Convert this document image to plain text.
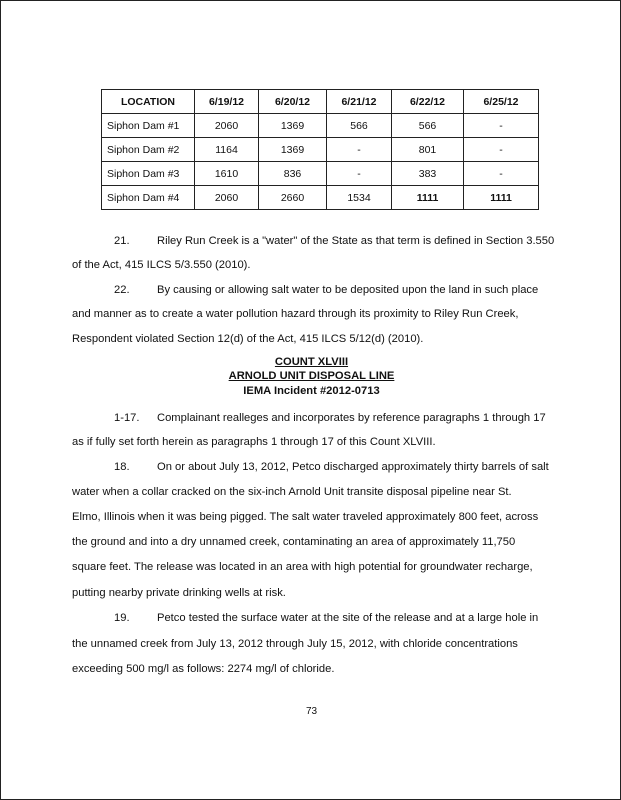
LOCATION	6/19/12	6/20/12	6/21/12	6/22/12	6/25/12
Siphon Dam #1	2060	1369	566	566	-
Siphon Dam #2	1164	1369	-	801	-
Siphon Dam #3	1610	836	-	383	-
Siphon Dam #4	2060	2660	1534	1111	1111
21. Riley Run Creek is a "water" of the State as that term is defined in Section 3.550
of the Act, 415 ILCS 5/3.550 (2010).
22. By causing or allowing salt water to be deposited upon the land in such place
and manner as to create a water pollution hazard through its proximity to Riley Run Creek,
Respondent violated Section 12(d) of the Act, 415 ILCS 5/12(d) (2010).
COUNT XLVIII
ARNOLD UNIT DISPOSAL LINE
IEMA Incident #2012-0713
1-17. Complainant realleges and incorporates by reference paragraphs 1 through 17
as if fully set forth herein as paragraphs 1 through 17 of this Count XLVIII.
18. On or about July 13, 2012, Petco discharged approximately thirty barrels of salt
water when a collar cracked on the six-inch Arnold Unit transite disposal pipeline near St.
Elmo, Illinois when it was being pigged. The salt water traveled approximately 800 feet, across
the ground and into a dry unnamed creek, contaminating an area of approximately 11,750
square feet. The release was located in an area with high potential for groundwater recharge,
putting nearby private drinking wells at risk.
19. Petco tested the surface water at the site of the release and at a large hole in
the unnamed creek from July 13, 2012 through July 15, 2012, with chloride concentrations
exceeding 500 mg/l as follows: 2274 mg/l of chloride.
73
